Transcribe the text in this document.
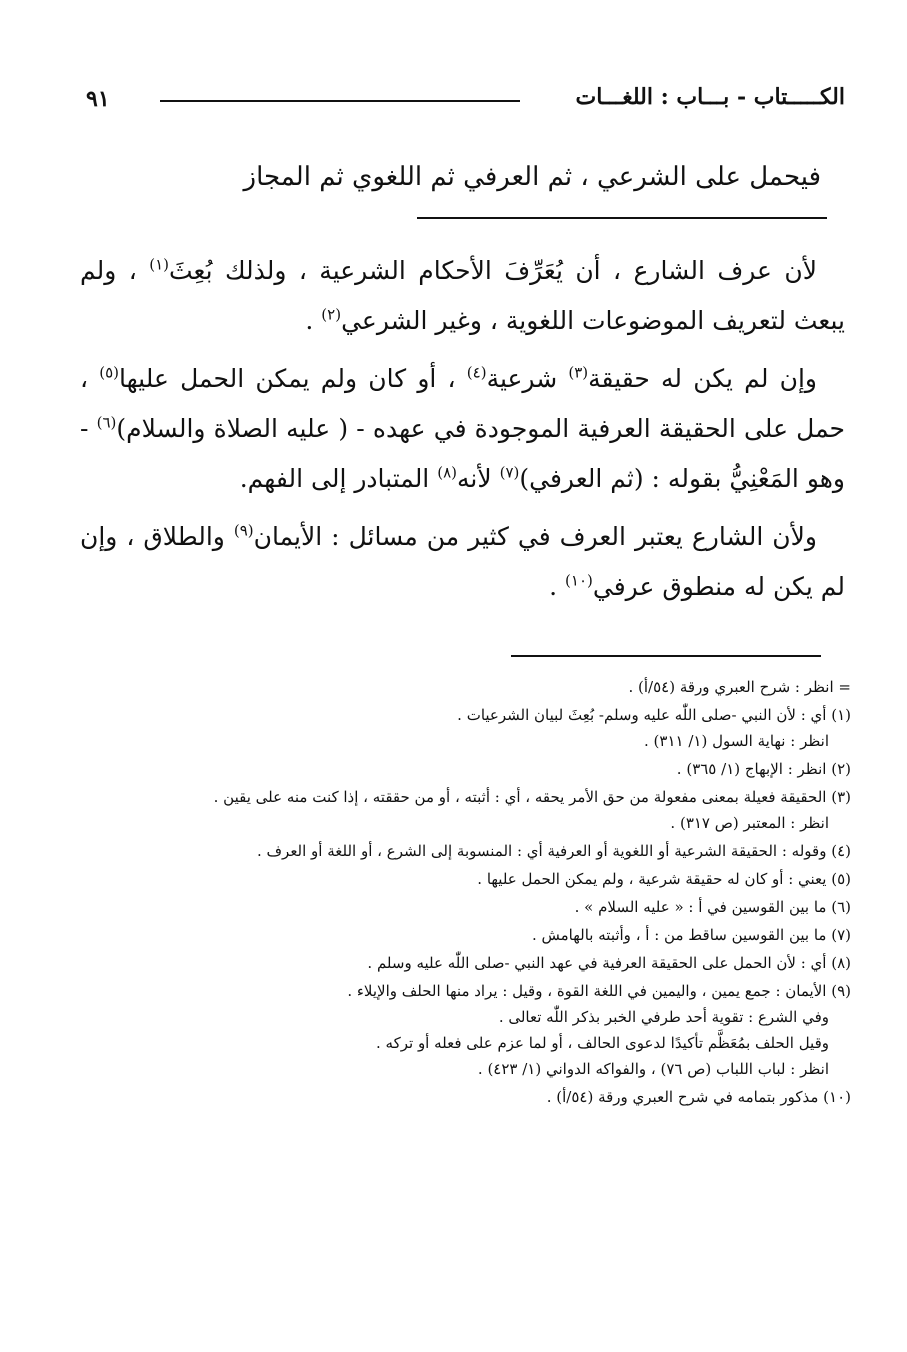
٩١	الكـــــتاب - بـــاب : اللغـــات
فيحمل على الشرعي ، ثم العرفي ثم اللغوي ثم المجاز

لأن عرف الشارع ، أن يُعَرِّفَ الأحكام الشرعية ، ولذلك بُعِثَ$^{(١)}$ ، ولم يبعث لتعريف الموضوعات اللغوية ، وغير الشرعي$^{(٢)}$ .

وإن لم يكن له حقيقة$^{(٣)}$ شرعية$^{(٤)}$ ، أو كان ولم يمكن الحمل عليها$^{(٥)}$ ، حمل على الحقيقة العرفية الموجودة في عهده - ( عليه الصلاة والسلام)$^{(٦)}$ - وهو المَعْنِيُّ بقوله : (ثم العرفي)$^{(٧)}$ لأنه$^{(٨)}$ المتبادر إلى الفهم.

ولأن الشارع يعتبر العرف في كثير من مسائل : الأيمان$^{(٩)}$ والطلاق ، وإن لم يكن له منطوق عرفي$^{(١٠)}$ .

= انظر : شرح العبري ورقة (٥٤/أ) .
(١) أي : لأن النبي -صلى اللّٰه عليه وسلم- بُعِثَ لبيان الشرعيات .
انظر : نهاية السول (١/ ٣١١) .
(٢) انظر : الإبهاج (١/ ٣٦٥) .
(٣) الحقيقة فعيلة بمعنى مفعولة من حق الأمر يحقه ، أي : أثبته ، أو من حققته ، إذا كنت منه على يقين .
انظر : المعتبر (ص ٣١٧) .
(٤) وقوله : الحقيقة الشرعية أو اللغوية أو العرفية أي : المنسوبة إلى الشرع ، أو اللغة أو العرف .
(٥) يعني : أو كان له حقيقة شرعية ، ولم يمكن الحمل عليها .
(٦) ما بين القوسين في أ : « عليه السلام » .
(٧) ما بين القوسين ساقط من : أ ، وأثبته بالهامش .
(٨) أي : لأن الحمل على الحقيقة العرفية في عهد النبي -صلى اللّٰه عليه وسلم .
(٩) الأيمان : جمع يمين ، واليمين في اللغة القوة ، وقيل : يراد منها الحلف والإيلاء .
وفي الشرع : تقوية أحد طرفي الخبر بذكر اللّٰه تعالى .
وقيل الحلف بمُعَظَّم تأكيدًا لدعوى الحالف ، أو لما عزم على فعله أو تركه .
انظر : لباب اللباب (ص ٧٦) ، والفواكه الدواني (١/ ٤٢٣) .
(١٠) مذكور بتمامه في شرح العبري ورقة (٥٤/أ) .
